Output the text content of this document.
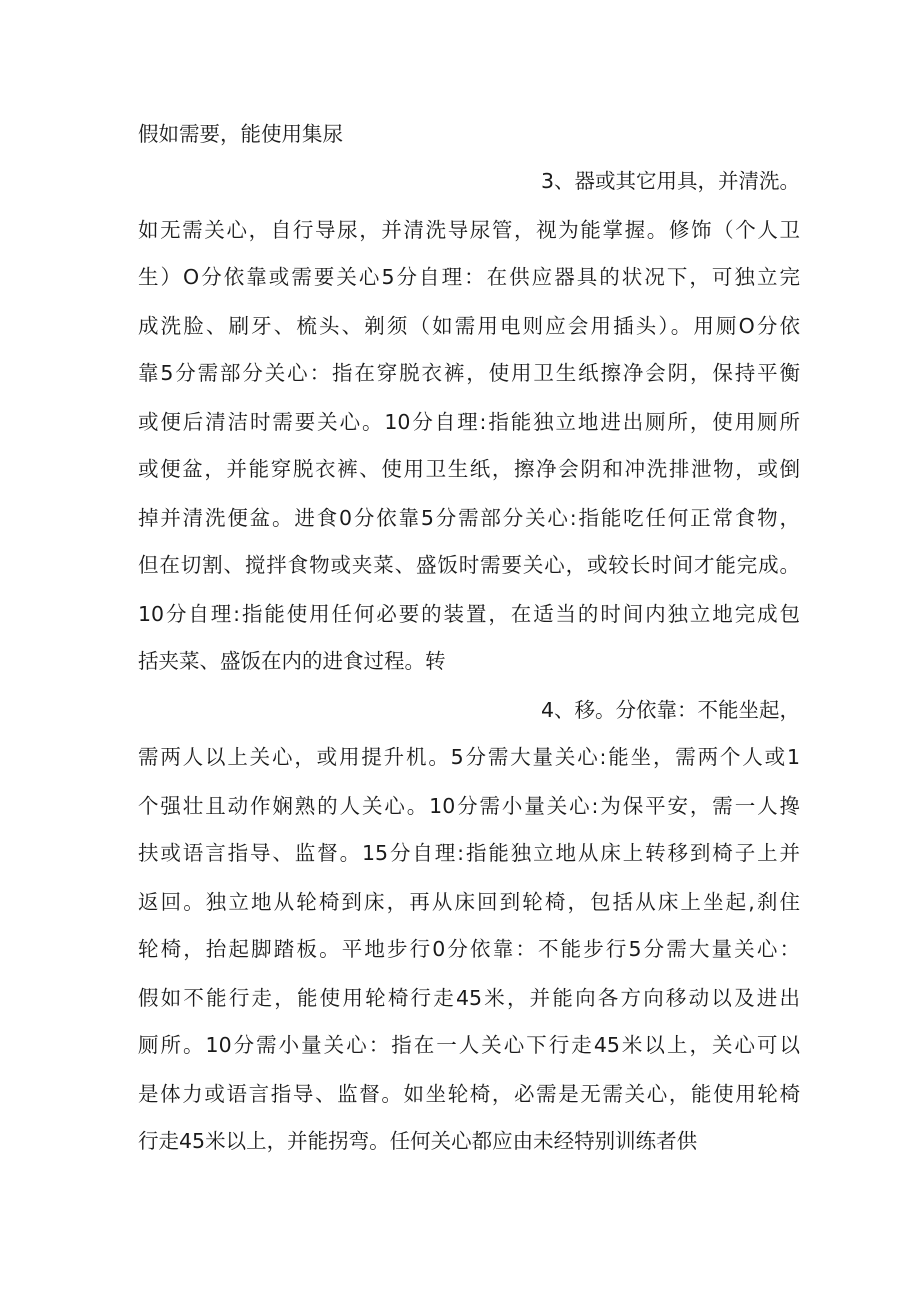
假如需要，能使用集尿
3、器或其它用具，并清洗。
如无需关心，自行导尿，并清洗导尿管，视为能掌握。修饰（个人卫
生）O分依靠或需要关心5分自理：在供应器具的状况下，可独立完
成洗脸、刷牙、梳头、剃须（如需用电则应会用插头）。用厕O分依
靠5分需部分关心：指在穿脱衣裤，使用卫生纸擦净会阴，保持平衡
或便后清洁时需要关心。10分自理:指能独立地进出厕所，使用厕所
或便盆，并能穿脱衣裤、使用卫生纸，擦净会阴和冲洗排泄物，或倒
掉并清洗便盆。进食0分依靠5分需部分关心:指能吃任何正常食物，
但在切割、搅拌食物或夹菜、盛饭时需要关心，或较长时间才能完成。
10分自理:指能使用任何必要的装置，在适当的时间内独立地完成包
括夹菜、盛饭在内的进食过程。转
4、移。分依靠：不能坐起，
需两人以上关心，或用提升机。5分需大量关心:能坐，需两个人或1
个强壮且动作娴熟的人关心。10分需小量关心:为保平安，需一人搀
扶或语言指导、监督。15分自理:指能独立地从床上转移到椅子上并
返回。独立地从轮椅到床，再从床回到轮椅，包括从床上坐起,刹住
轮椅，抬起脚踏板。平地步行0分依靠：不能步行5分需大量关心：
假如不能行走，能使用轮椅行走45米，并能向各方向移动以及进出
厕所。10分需小量关心：指在一人关心下行走45米以上，关心可以
是体力或语言指导、监督。如坐轮椅，必需是无需关心，能使用轮椅
行走45米以上，并能拐弯。任何关心都应由未经特别训练者供
